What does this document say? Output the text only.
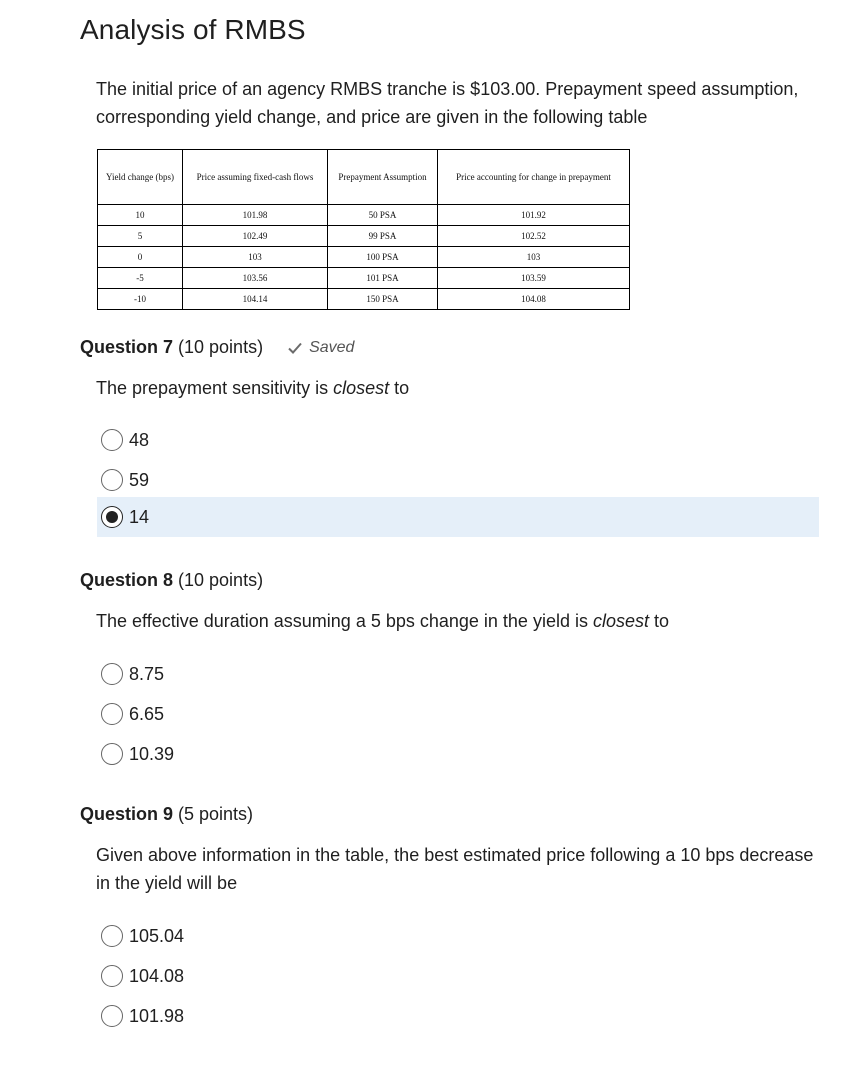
Analysis of RMBS

The initial price of an agency RMBS tranche is $103.00. Prepayment speed assumption, corresponding yield change, and price are given in the following table

Yield change (bps)	Price assuming fixed-cash flows	Prepayment Assumption	Price accounting for change in prepayment
10	101.98	50 PSA	101.92
5	102.49	99 PSA	102.52
0	103	100 PSA	103
-5	103.56	101 PSA	103.59
-10	104.14	150 PSA	104.08
Question 7 (10 points)	Saved

The prepayment sensitivity is closest to

48
59
14
Question 8 (10 points)

The effective duration assuming a 5 bps change in the yield is closest to

8.75
6.65
10.39
Question 9 (5 points)

Given above information in the table, the best estimated price following a 10 bps decrease in the yield will be

105.04
104.08
101.98
